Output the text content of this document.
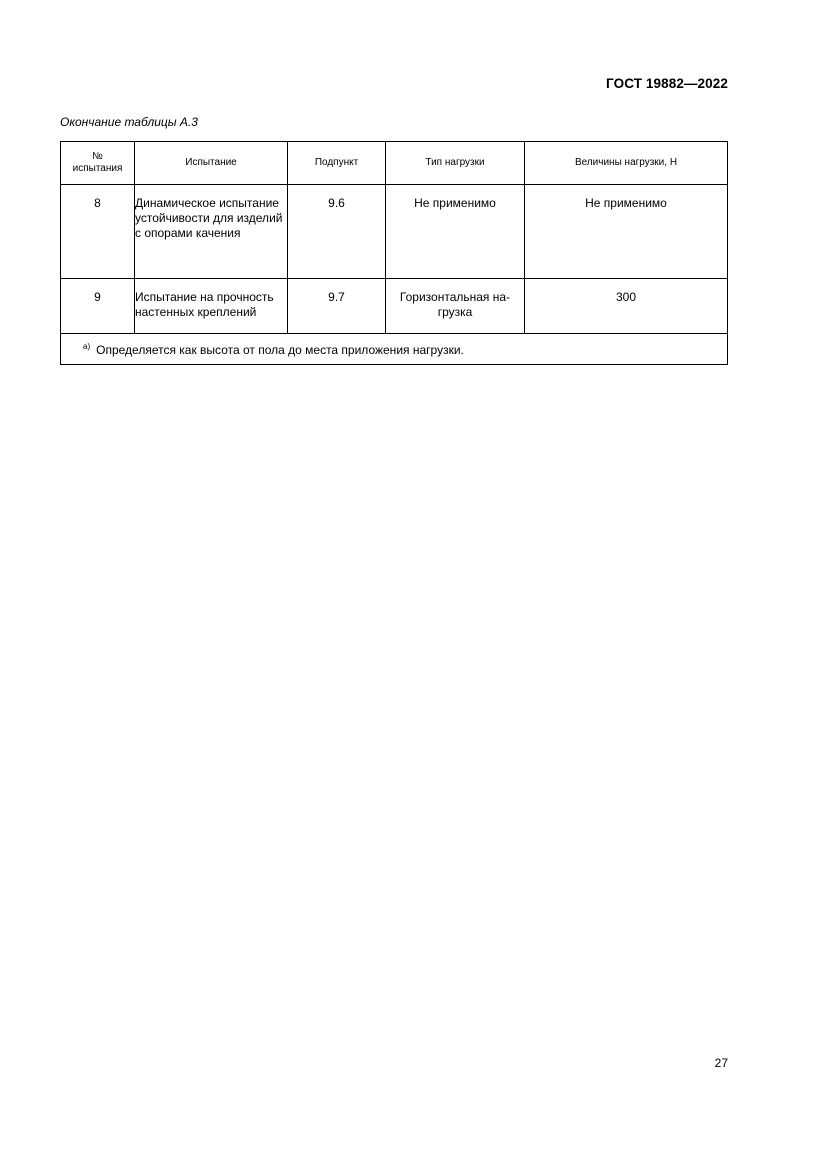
ГОСТ 19882—2022
Окончание таблицы А.3
№ испытания	Испытание	Подпункт	Тип нагрузки	Величины нагрузки, Н
8	Динамическое испытание устойчивости для изделий с опорами качения	9.6	Не применимо	Не применимо
9	Испытание на прочность настенных креплений	9.7	Горизонтальная на-грузка	300
$^{а)}$ Определяется как высота от пола до места приложения нагрузки.				
27
